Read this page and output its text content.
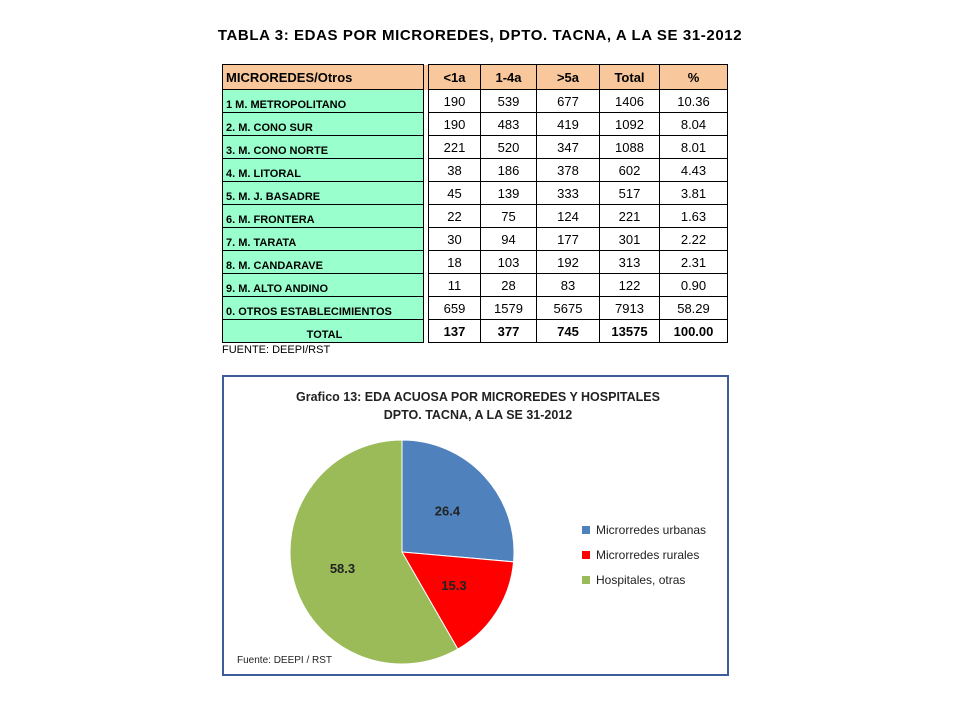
TABLA 3: EDAS POR MICROREDES, DPTO. TACNA, A LA SE 31-2012
MICROREDES/Otros		<1a	1-4a	>5a	Total	%
1 M. METROPOLITANO		190	539	677	1406	10.36
2. M. CONO SUR		190	483	419	1092	8.04
3. M. CONO NORTE		221	520	347	1088	8.01
4. M. LITORAL		38	186	378	602	4.43
5. M. J. BASADRE		45	139	333	517	3.81
6. M. FRONTERA		22	75	124	221	1.63
7. M. TARATA		30	94	177	301	2.22
8. M. CANDARAVE		18	103	192	313	2.31
9. M. ALTO ANDINO		11	28	83	122	0.90
0. OTROS ESTABLECIMIENTOS		659	1579	5675	7913	58.29
TOTAL		137	377	745	13575	100.00
FUENTE: DEEPI/RST
Grafico 13: EDA ACUOSA POR MICROREDES Y HOSPITALES
DPTO. TACNA, A LA SE 31-2012
26.4
15.3
58.3
Microrredes urbanas
Microrredes rurales
Hospitales, otras
Fuente: DEEPI / RST
